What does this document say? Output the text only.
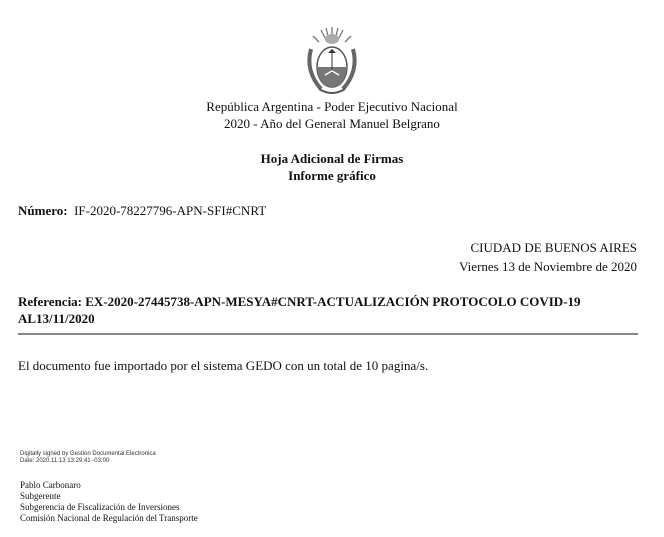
República Argentina - Poder Ejecutivo Nacional
2020 - Año del General Manuel Belgrano
Hoja Adicional de Firmas
Informe gráfico
Número: IF-2020-78227796-APN-SFI#CNRT
CIUDAD DE BUENOS AIRES
Viernes 13 de Noviembre de 2020
Referencia: EX-2020-27445738-APN-MESYA#CNRT-ACTUALIZACIÓN PROTOCOLO COVID-19 AL13/11/2020
El documento fue importado por el sistema GEDO con un total de 10 pagina/s.
Digitally signed by Gestion Documental Electronica
Date: 2020.11.13 13:29:41 -03:00
Pablo Carbonaro
Subgerente
Subgerencia de Fiscalización de Inversiones
Comisión Nacional de Regulación del Transporte
